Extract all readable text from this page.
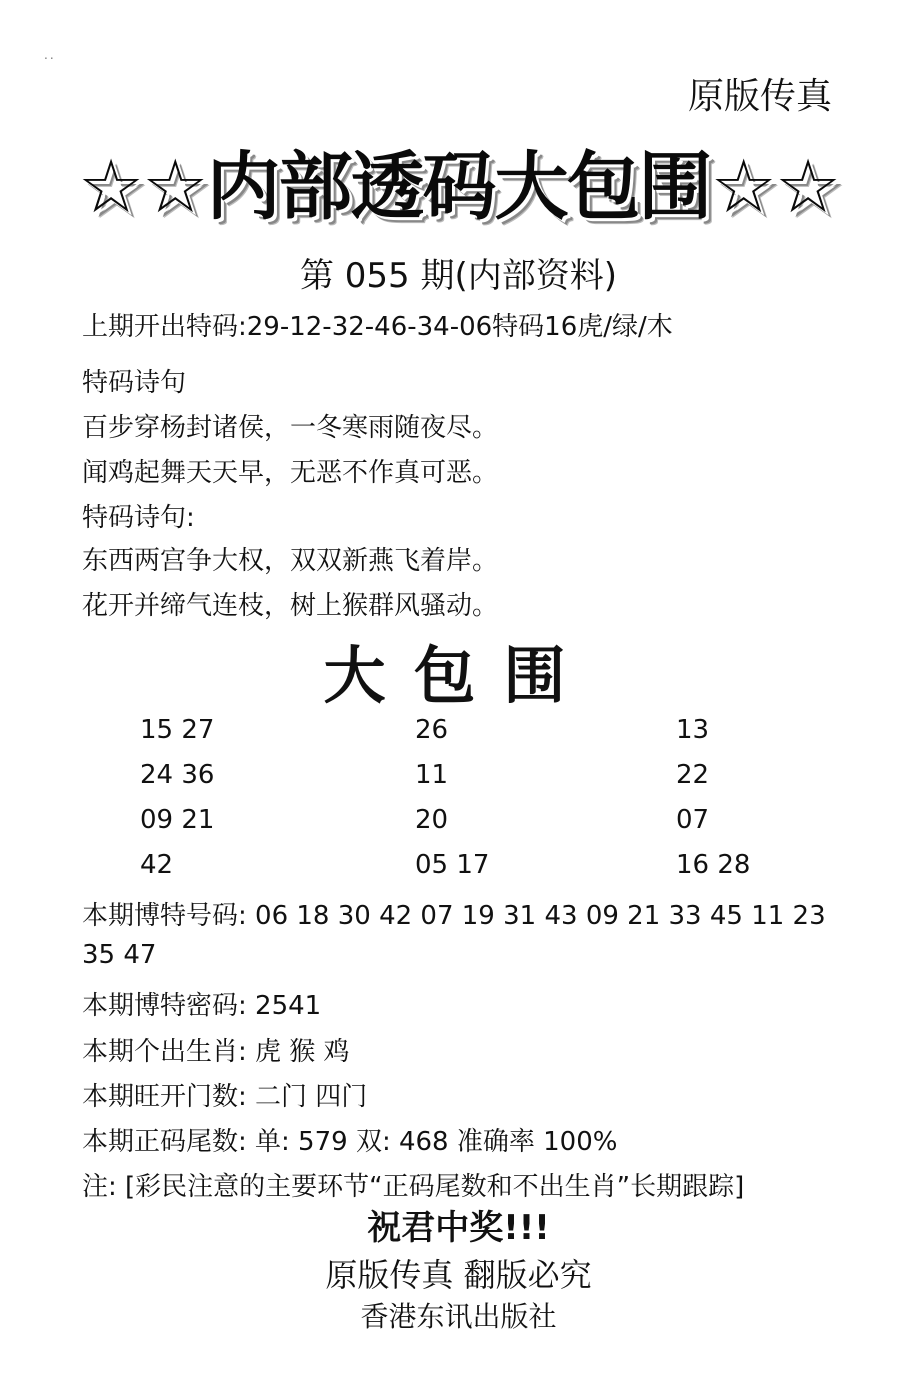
..
原版传真
☆☆内部透码大包围☆☆
第 055 期(内部资料)
上期开出特码:29-12-32-46-34-06特码16虎/绿/木
特码诗句
百步穿杨封诸侯，一冬寒雨随夜尽。
闻鸡起舞天天早，无恶不作真可恶。
特码诗句:
东西两宫争大权，双双新燕飞着岸。
花开并缔气连枝，树上猴群风骚动。
大包围
15 27	26	13
24 36	11	22
09 21	20	07
42	05 17	16 28
本期博特号码: 06 18 30 42 07 19 31 43 09 21 33 45 11 23
35 47
本期博特密码: 2541
本期个出生肖: 虎 猴 鸡
本期旺开门数: 二门 四门
本期正码尾数: 单: 579 双: 468 准确率 100%
注: [彩民注意的主要环节“正码尾数和不出生肖”长期跟踪]
祝君中奖!!!
原版传真 翻版必究
香港东讯出版社
